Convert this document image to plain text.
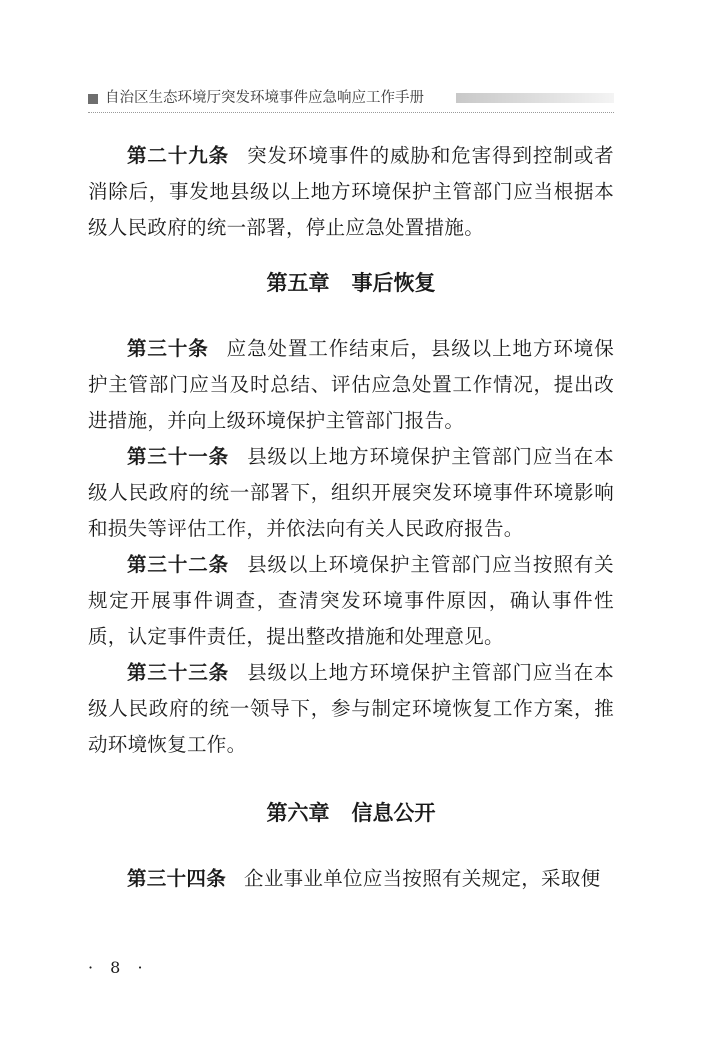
自治区生态环境厅突发环境事件应急响应工作手册

第二十九条 突发环境事件的威胁和危害得到控制或者消除后，事发地县级以上地方环境保护主管部门应当根据本级人民政府的统一部署，停止应急处置措施。

第五章 事后恢复

第三十条 应急处置工作结束后，县级以上地方环境保护主管部门应当及时总结、评估应急处置工作情况，提出改进措施，并向上级环境保护主管部门报告。

第三十一条 县级以上地方环境保护主管部门应当在本级人民政府的统一部署下，组织开展突发环境事件环境影响和损失等评估工作，并依法向有关人民政府报告。

第三十二条 县级以上环境保护主管部门应当按照有关规定开展事件调查，查清突发环境事件原因，确认事件性质，认定事件责任，提出整改措施和处理意见。

第三十三条 县级以上地方环境保护主管部门应当在本级人民政府的统一领导下，参与制定环境恢复工作方案，推动环境恢复工作。

第六章 信息公开

第三十四条 企业事业单位应当按照有关规定，采取便

· 8 ·
